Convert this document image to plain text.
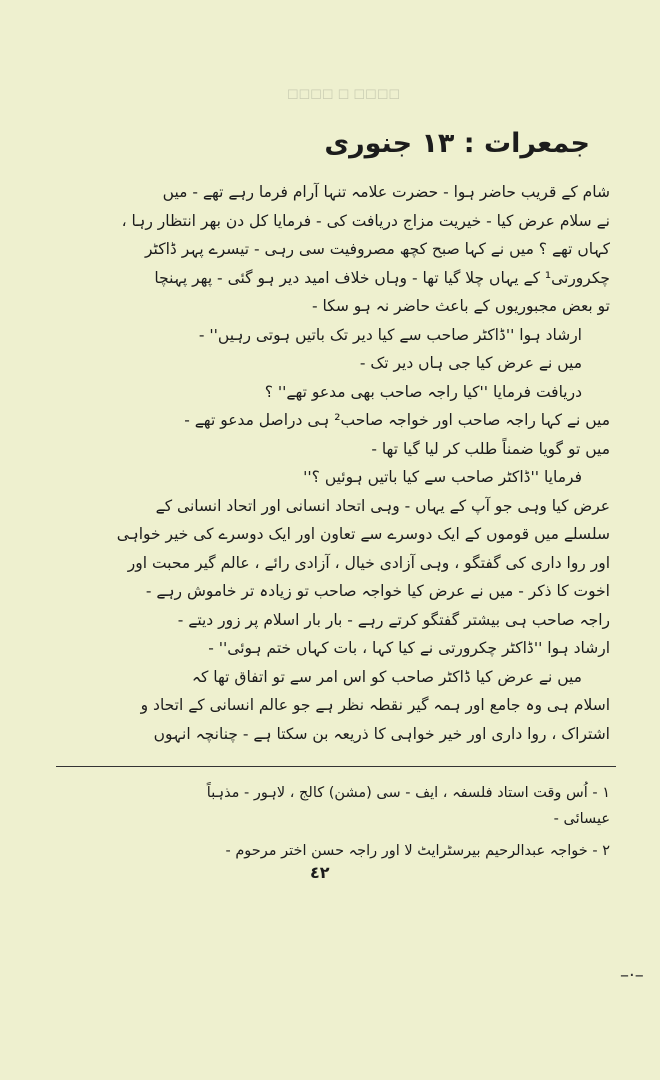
☐☐☐☐ ☐ ☐☐☐☐
جمعرات : ١٣ جنوری
شام کے قریب حاضر ہوا - حضرت علامہ تنہا آرام فرما رہے تھے - میں
نے سلام عرض کیا - خیریت مزاج دریافت کی - فرمایا کل دن بھر انتظار رہا ،
کہاں تھے ؟ میں نے کہا صبح کچھ مصروفیت سی رہی - تیسرے پہر ڈاکٹر
چکرورتی¹ کے یہاں چلا گیا تھا - وہاں خلاف امید دیر ہو گئی - پھر پہنچا
تو بعض مجبوریوں کے باعث حاضر نہ ہو سکا -
ارشاد ہوا ''ڈاکٹر صاحب سے کیا دیر تک باتیں ہوتی رہیں'' -
میں نے عرض کیا جی ہاں دیر تک -
دریافت فرمایا ''کیا راجہ صاحب بھی مدعو تھے'' ؟
میں نے کہا راجہ صاحب اور خواجہ صاحب² ہی دراصل مدعو تھے -
میں تو گویا ضمناً طلب کر لیا گیا تھا -
فرمایا ''ڈاکٹر صاحب سے کیا باتیں ہوئیں ؟''
عرض کیا وہی جو آپ کے یہاں - وہی اتحاد انسانی اور اتحاد انسانی کے
سلسلے میں قوموں کے ایک دوسرے سے تعاون اور ایک دوسرے کی خیر خواہی
اور روا داری کی گفتگو ، وہی آزادی خیال ، آزادی رائے ، عالم گیر محبت اور
اخوت کا ذکر - میں نے عرض کیا خواجہ صاحب تو زیادہ تر خاموش رہے -
راجہ صاحب ہی بیشتر گفتگو کرتے رہے - بار بار اسلام پر زور دیتے -
ارشاد ہوا ''ڈاکٹر چکرورتی نے کیا کہا ، بات کہاں ختم ہوئی'' -
میں نے عرض کیا ڈاکٹر صاحب کو اس امر سے تو اتفاق تھا کہ
اسلام ہی وہ جامع اور ہمہ گیر نقطہ نظر ہے جو عالم انسانی کے اتحاد و
اشتراک ، روا داری اور خیر خواہی کا ذریعہ بن سکتا ہے - چنانچہ انہوں
١ - اُس وقت استاد فلسفہ ، ایف - سی (مشن) کالج ، لاہور - مذہباً
عیسائی -
٢ - خواجہ عبدالرحیم بیرسٹرایٹ لا اور راجہ حسن اختر مرحوم -
٤٢
–·–
